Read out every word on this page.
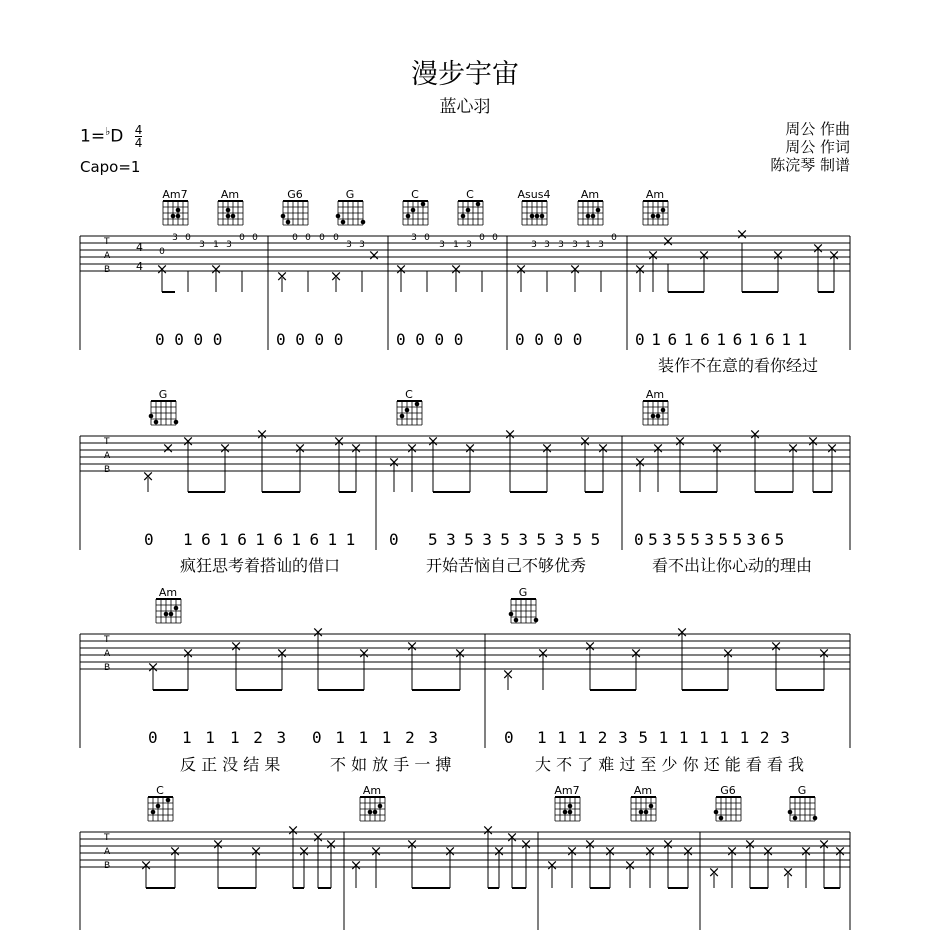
漫步宇宙
蓝心羽
$1=^♭D \frac{4}{4}$
Capo=1
周公 作曲
周公 作词
陈浣琴 制谱
Am7	Am	G6	G	C	C	Asus4	Am	Am
T
A
B
4
4 ×	×	×	×
×
×	×	×	×	×
×
×
×
×
× × ×
3 0
0
3 1 3
0 0	0 0 0 0
3 3
3 0
3 1 3
0 0
3 3 3 3 1 3
0
0 0 0 0	0 0 0 0	0 0 0 0	0 0 0 0	0 1 6 1 6 1 6 1 6 1 1
装作不在意的看你经过
G	C	Am
T
A
B ×
× × ×
×
× × ×
×
× × ×
×
× × ×
×
× × ×
×
× × ×
0 1 6 1 6 1 6 1 6 1 1 0 5 3 5 3 5 3 5 3 5 5 0 5 3 5 5 3 5 5 3 6 5
疯狂思考着搭讪的借口	开始苦恼自己不够优秀	看不出让你心动的理由
Am	G
T
A
B ×
× × ×
×
× × ×
×
× × ×
×
× × ×
0 1 1 1 2 3 0 1 1 1 2 3	0 1 1 1 2 3 5 1 1 1 1 1 2 3
反 正 没 结 果	不 如 放 手 一 搏	大 不 了 难 过 至 少 你 还 能 看 看 我
C	Am	Am7	Am	G6	G
T
A
B ×
× × ×
×
×
× ×
×
× × ×
×
×
× ×
×
× × ×
×
× × ×
×
× × ×
×
× × ×
